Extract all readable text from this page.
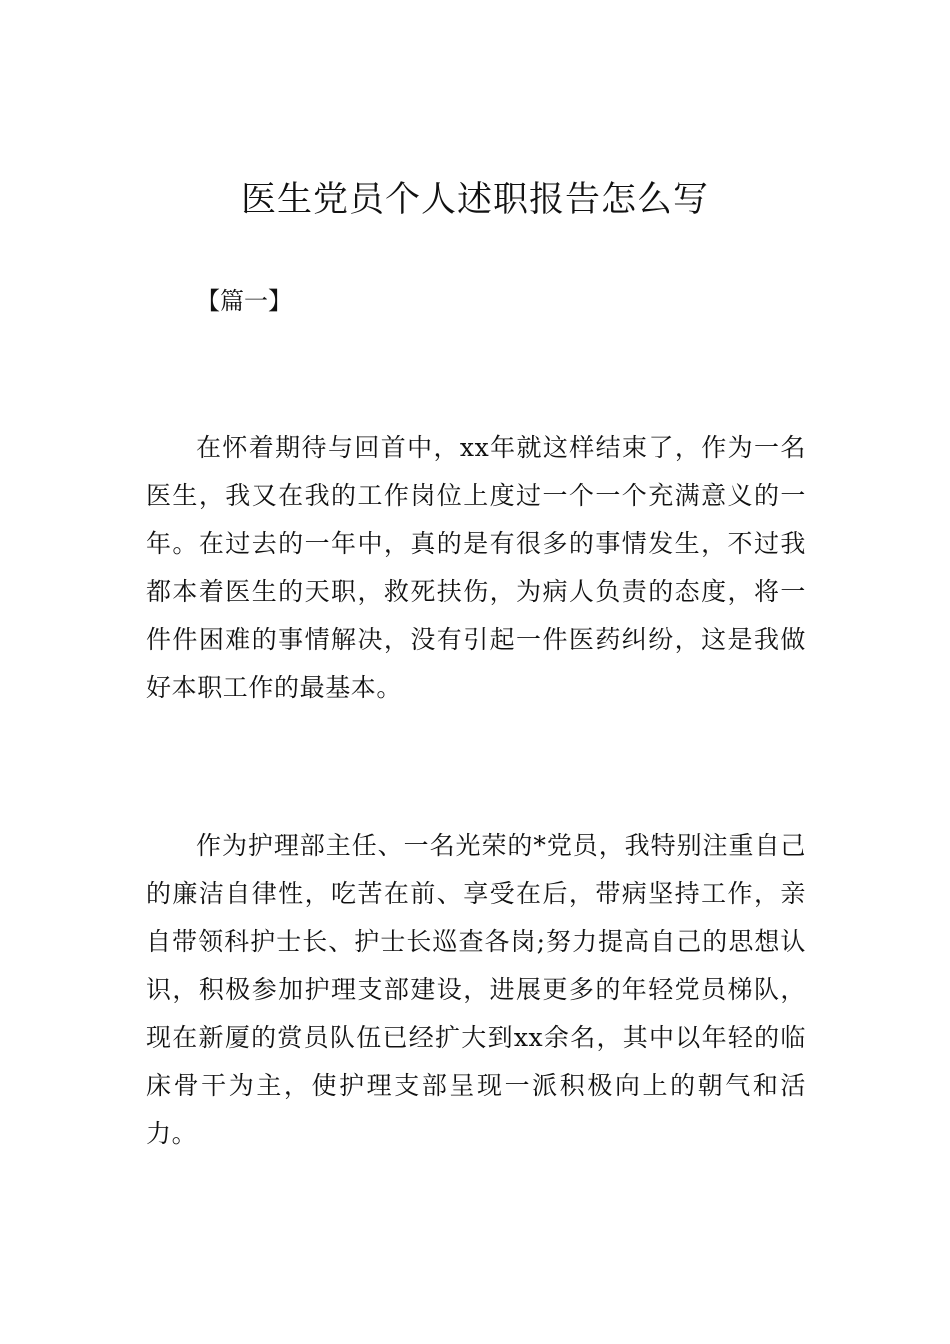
医生党员个人述职报告怎么写

【篇一】

在怀着期待与回首中，xx年就这样结束了，作为一名医生，我又在我的工作岗位上度过一个一个充满意义的一年。在过去的一年中，真的是有很多的事情发生，不过我都本着医生的天职，救死扶伤，为病人负责的态度，将一件件困难的事情解决，没有引起一件医药纠纷，这是我做好本职工作的最基本。

作为护理部主任、一名光荣的*党员，我特别注重自己的廉洁自律性，吃苦在前、享受在后，带病坚持工作，亲自带领科护士长、护士长巡查各岗;努力提高自己的思想认识，积极参加护理支部建设，进展更多的年轻党员梯队，现在新厦的赏员队伍已经扩大到xx余名，其中以年轻的临床骨干为主，使护理支部呈现一派积极向上的朝气和活力。
